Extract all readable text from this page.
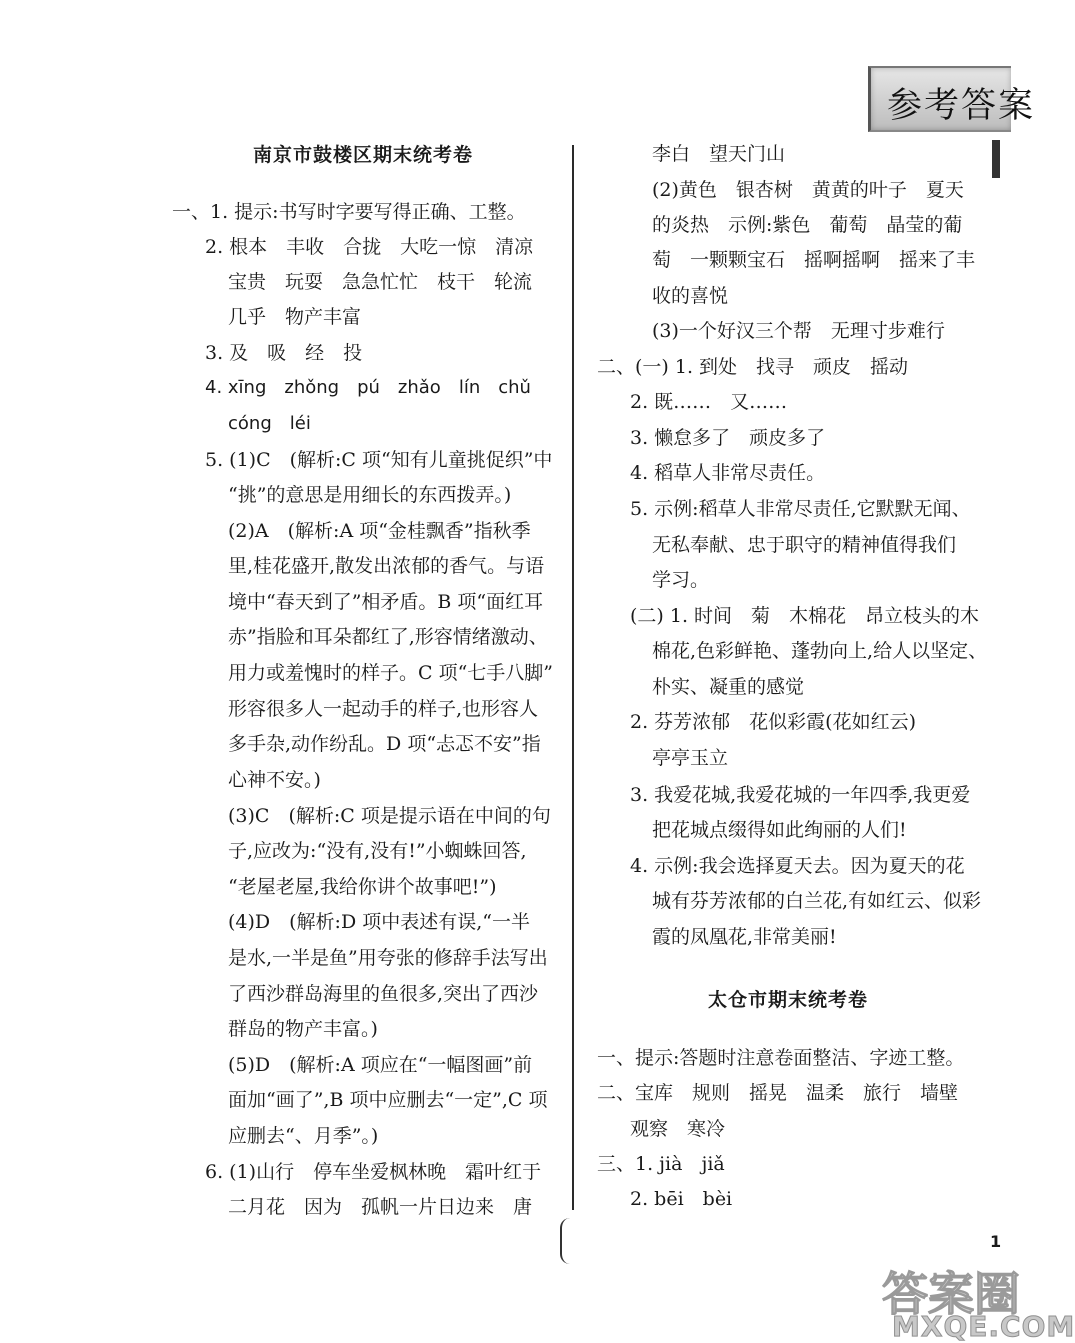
参考答案
南京市鼓楼区期末统考卷
一、1. 提示:书写时字要写得正确、工整。
2. 根本　丰收　合拢　大吃一惊　清凉
宝贵　玩耍　急急忙忙　枝干　轮流
几乎　物产丰富
3. 及　吸　经　投
4. xīng　zhǒng　pú　zhǎo　lín　chǔ
cóng　léi
5. (1)C　(解析:C 项“知有儿童挑促织”中
“挑”的意思是用细长的东西拨弄。)
(2)A　(解析:A 项“金桂飘香”指秋季
里,桂花盛开,散发出浓郁的香气。与语
境中“春天到了”相矛盾。B 项“面红耳
赤”指脸和耳朵都红了,形容情绪激动、
用力或羞愧时的样子。C 项“七手八脚”
形容很多人一起动手的样子,也形容人
多手杂,动作纷乱。D 项“忐忑不安”指
心神不安。)
(3)C　(解析:C 项是提示语在中间的句
子,应改为:“没有,没有!”小蜘蛛回答,
“老屋老屋,我给你讲个故事吧!”)
(4)D　(解析:D 项中表述有误,“一半
是水,一半是鱼”用夸张的修辞手法写出
了西沙群岛海里的鱼很多,突出了西沙
群岛的物产丰富。)
(5)D　(解析:A 项应在“一幅图画”前
面加“画了”,B 项中应删去“一定”,C 项
应删去“、月季”。)
6. (1)山行　停车坐爱枫林晚　霜叶红于
二月花　因为　孤帆一片日边来　唐
李白　望天门山
(2)黄色　银杏树　黄黄的叶子　夏天
的炎热　示例:紫色　葡萄　晶莹的葡
萄　一颗颗宝石　摇啊摇啊　摇来了丰
收的喜悦
(3)一个好汉三个帮　无理寸步难行
二、(一) 1. 到处　找寻　顽皮　摇动
2. 既……　又……
3. 懒怠多了　顽皮多了
4. 稻草人非常尽责任。
5. 示例:稻草人非常尽责任,它默默无闻、
无私奉献、忠于职守的精神值得我们
学习。
(二) 1. 时间　菊　木棉花　昂立枝头的木
棉花,色彩鲜艳、蓬勃向上,给人以坚定、
朴实、凝重的感觉
2. 芬芳浓郁　花似彩霞(花如红云)
亭亭玉立
3. 我爱花城,我爱花城的一年四季,我更爱
把花城点缀得如此绚丽的人们!
4. 示例:我会选择夏天去。因为夏天的花
城有芬芳浓郁的白兰花,有如红云、似彩
霞的凤凰花,非常美丽!
太仓市期末统考卷
一、提示:答题时注意卷面整洁、字迹工整。
二、宝库　规则　摇晃　温柔　旅行　墙壁
观察　寒冷
三、1. jià　jiǎ
2. bēi　bèi
1
答案圈
MXQE.COM
